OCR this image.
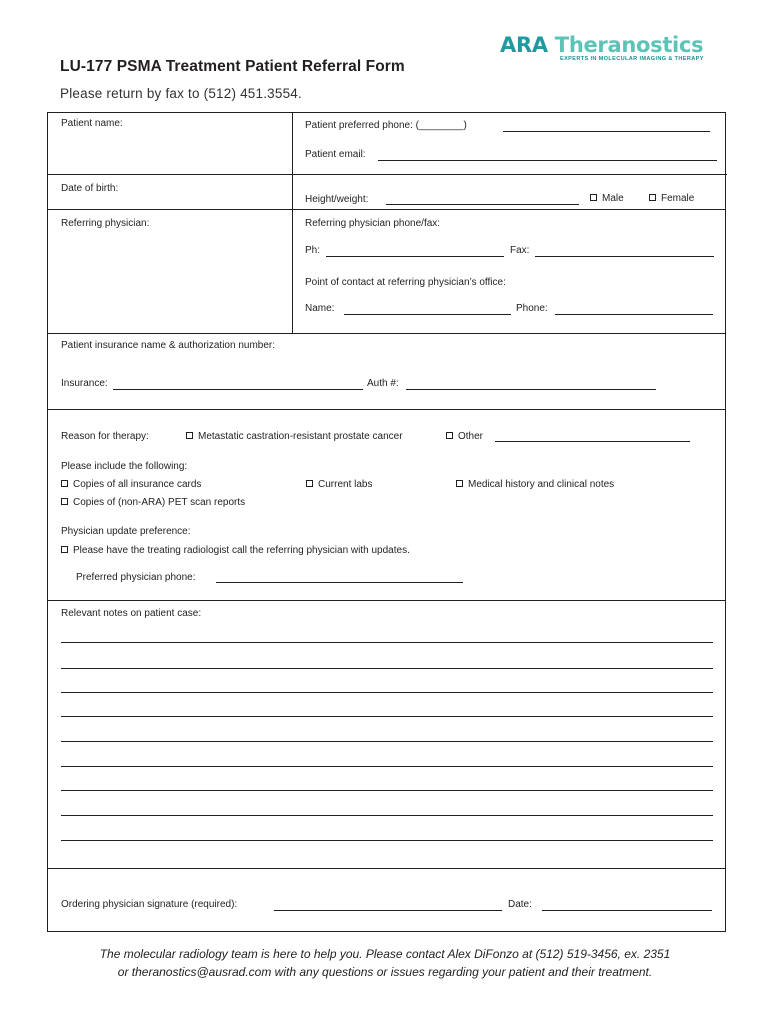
ARA Theranostics
EXPERTS IN MOLECULAR IMAGING & THERAPY
LU-177 PSMA Treatment Patient Referral Form
Please return by fax to (512) 451.3554.
Patient name:	Patient preferred phone: (________)
Patient email:
Date of birth:
Height/weight:	Male	Female
Referring physician:	Referring physician phone/fax:
Ph:	Fax:
Point of contact at referring physician’s office:
Name:	Phone:
Patient insurance name & authorization number:
Insurance:	Auth #:
Reason for therapy:	Metastatic castration-resistant prostate cancer	Other
Please include the following:
Copies of all insurance cards	Current labs	Medical history and clinical notes
Copies of (non-ARA) PET scan reports
Physician update preference:
Please have the treating radiologist call the referring physician with updates.
Preferred physician phone:
Relevant notes on patient case:
Ordering physician signature (required):	Date:
The molecular radiology team is here to help you. Please contact Alex DiFonzo at (512) 519-3456, ex. 2351
or theranostics@ausrad.com with any questions or issues regarding your patient and their treatment.
